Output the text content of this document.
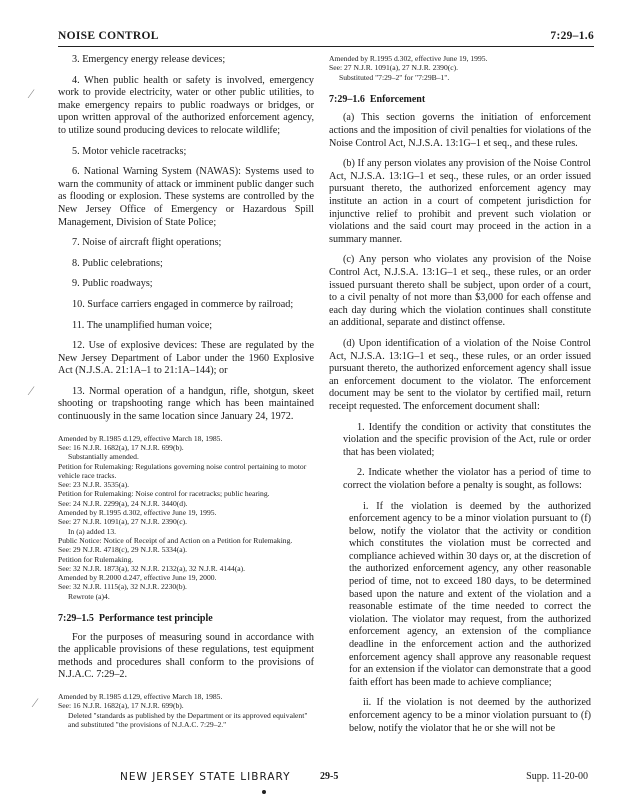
NOISE CONTROL	7:29–1.6

3. Emergency energy release devices;

4. When public health or safety is involved, emergency work to provide electricity, water or other public utilities, to make emergency repairs to public roadways or bridges, or upon written approval of the authorized enforcement agency, to utilize sound producing devices to relocate wildlife;

5. Motor vehicle racetracks;

6. National Warning System (NAWAS): Systems used to warn the community of attack or imminent public danger such as flooding or explosion. These systems are controlled by the New Jersey Office of Emergency or Hazardous Spill Management, Division of State Police;

7. Noise of aircraft flight operations;

8. Public celebrations;

9. Public roadways;

10. Surface carriers engaged in commerce by railroad;

11. The unamplified human voice;

12. Use of explosive devices: These are regulated by the New Jersey Department of Labor under the 1960 Explosive Act (N.J.S.A. 21:1A–1 to 21:1A–144); or

13. Normal operation of a handgun, rifle, shotgun, skeet shooting or trapshooting range which has been maintained continuously in the same location since January 24, 1972.

Amended by R.1985 d.129, effective March 18, 1985.
See: 16 N.J.R. 1682(a), 17 N.J.R. 699(b).
Substantially amended.
Petition for Rulemaking: Regulations governing noise control pertaining to motor vehicle race tracks.
See: 23 N.J.R. 3535(a).
Petition for Rulemaking: Noise control for racetracks; public hearing.
See: 24 N.J.R. 2299(a), 24 N.J.R. 3440(d).
Amended by R.1995 d.302, effective June 19, 1995.
See: 27 N.J.R. 1091(a), 27 N.J.R. 2390(c).
In (a) added 13.
Public Notice: Notice of Receipt of and Action on a Petition for Rulemaking.
See: 29 N.J.R. 4718(c), 29 N.J.R. 5334(a).
Petition for Rulemaking.
See: 32 N.J.R. 1873(a), 32 N.J.R. 2132(a), 32 N.J.R. 4144(a).
Amended by R.2000 d.247, effective June 19, 2000.
See: 32 N.J.R. 1115(a), 32 N.J.R. 2230(b).
Rewrote (a)4.
7:29–1.5 Performance test principle

For the purposes of measuring sound in accordance with the applicable provisions of these regulations, test equipment methods and procedures shall conform to the provisions of N.J.A.C. 7:29–2.

Amended by R.1985 d.129, effective March 18, 1985.
See: 16 N.J.R. 1682(a), 17 N.J.R. 699(b).
Deleted "standards as published by the Department or its approved equivalent" and substituted "the provisions of N.J.A.C. 7:29–2."
Amended by R.1995 d.302, effective June 19, 1995.
See: 27 N.J.R. 1091(a), 27 N.J.R. 2390(c).
Substituted "7:29–2" for "7:29B–1".
7:29–1.6 Enforcement

(a) This section governs the initiation of enforcement actions and the imposition of civil penalties for violations of the Noise Control Act, N.J.S.A. 13:1G–1 et seq., and these rules.

(b) If any person violates any provision of the Noise Control Act, N.J.S.A. 13:1G–1 et seq., these rules, or an order issued pursuant thereto, the authorized enforcement agency may institute an action in a court of competent jurisdiction for injunctive relief to prohibit and prevent such violation or violations and the said court may proceed in the action in a summary manner.

(c) Any person who violates any provision of the Noise Control Act, N.J.S.A. 13:1G–1 et seq., these rules, or an order issued pursuant thereto shall be subject, upon order of a court, to a civil penalty of not more than $3,000 for each offense and each day during which the violation continues shall constitute an additional, separate and distinct offense.

(d) Upon identification of a violation of the Noise Control Act, N.J.S.A. 13:1G–1 et seq., these rules, or an order issued pursuant thereto, the authorized enforcement agency shall issue an enforcement document to the violator. The enforcement document may be sent to the violator by certified mail, return receipt requested. The enforcement document shall:

1. Identify the condition or activity that constitutes the violation and the specific provision of the Act, rule or order that has been violated;

2. Indicate whether the violator has a period of time to correct the violation before a penalty is sought, as follows:

i. If the violation is deemed by the authorized enforcement agency to be a minor violation pursuant to (f) below, notify the violator that the activity or condition which constitutes the violation must be corrected and compliance achieved within 30 days or, at the discretion of the authorized enforcement agency, any other reasonable period of time, not to exceed 180 days, to be determined based upon the nature and extent of the violation and a reasonable estimate of the time needed to correct the violation. The violator may request, from the authorized enforcement agency, an extension of the compliance deadline in the enforcement action and the authorized enforcement agency shall approve any reasonable request for an extension if the violator can demonstrate that a good faith effort has been made to achieve compliance;

ii. If the violation is not deemed by the authorized enforcement agency to be a minor violation pursuant to (f) below, notify the violator that he or she will not be

∕
∕
∕
NEW JERSEY STATE LIBRARY	29-5	Supp. 11-20-00
